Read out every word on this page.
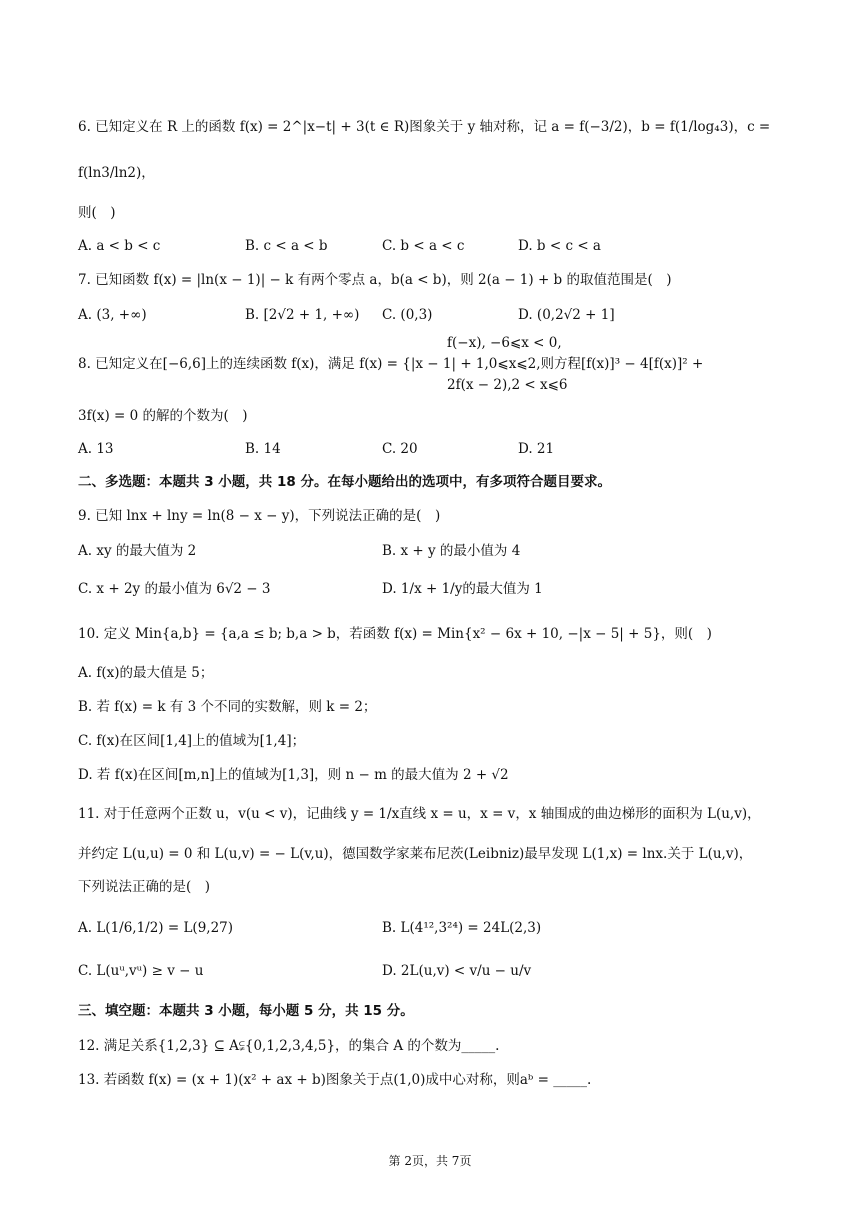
6. 已知定义在 R 上的函数 f(x) = 2^|x−t| + 3(t ∈ R)图象关于 y 轴对称，记 a = f(−3/2)，b = f(1/log₄3)，c =
f(ln3/ln2)，
则(　)
A. a < b < c	B. c < a < b	C. b < a < c	D. b < c < a
7. 已知函数 f(x) = |ln(x − 1)| − k 有两个零点 a，b(a < b)，则 2(a − 1) + b 的取值范围是(　)
A. (3, +∞)	B. [2√2 + 1, +∞) C. (0,3)	D. (0,2√2 + 1]
f(−x), −6⩽x < 0,
8. 已知定义在[−6,6]上的连续函数 f(x)，满足 f(x) = {|x − 1| + 1,0⩽x⩽2,则方程[f(x)]³ − 4[f(x)]² +
2f(x − 2),2 < x⩽6
3f(x) = 0 的解的个数为(　)
A. 13	B. 14	C. 20	D. 21
二、多选题：本题共 3 小题，共 18 分。在每小题给出的选项中，有多项符合题目要求。
9. 已知 lnx + lny = ln(8 − x − y)，下列说法正确的是(　)
A. xy 的最大值为 2	B. x + y 的最小值为 4
C. x + 2y 的最小值为 6√2 − 3	D. 1/x + 1/y的最大值为 1
10. 定义 Min{a,b} = {a,a ≤ b; b,a > b，若函数 f(x) = Min{x² − 6x + 10, −|x − 5| + 5}，则(　)
A. f(x)的最大值是 5；
B. 若 f(x) = k 有 3 个不同的实数解，则 k = 2；
C. f(x)在区间[1,4]上的值域为[1,4]；
D. 若 f(x)在区间[m,n]上的值域为[1,3]，则 n − m 的最大值为 2 + √2
11. 对于任意两个正数 u，v(u < v)，记曲线 y = 1/x直线 x = u，x = v，x 轴围成的曲边梯形的面积为 L(u,v)，
并约定 L(u,u) = 0 和 L(u,v) = − L(v,u)，德国数学家莱布尼茨(Leibniz)最早发现 L(1,x) = lnx.关于 L(u,v)，
下列说法正确的是(　)
A. L(1/6,1/2) = L(9,27)	B. L(4¹²,3²⁴) = 24L(2,3)
C. L(uᵘ,vᵘ) ≥ v − u	D. 2L(u,v) < v/u − u/v
三、填空题：本题共 3 小题，每小题 5 分，共 15 分。
12. 满足关系{1,2,3} ⊆ A⫋{0,1,2,3,4,5}，的集合 A 的个数为_____.
13. 若函数 f(x) = (x + 1)(x² + ax + b)图象关于点(1,0)成中心对称，则aᵇ = _____.
第 2页，共 7页
